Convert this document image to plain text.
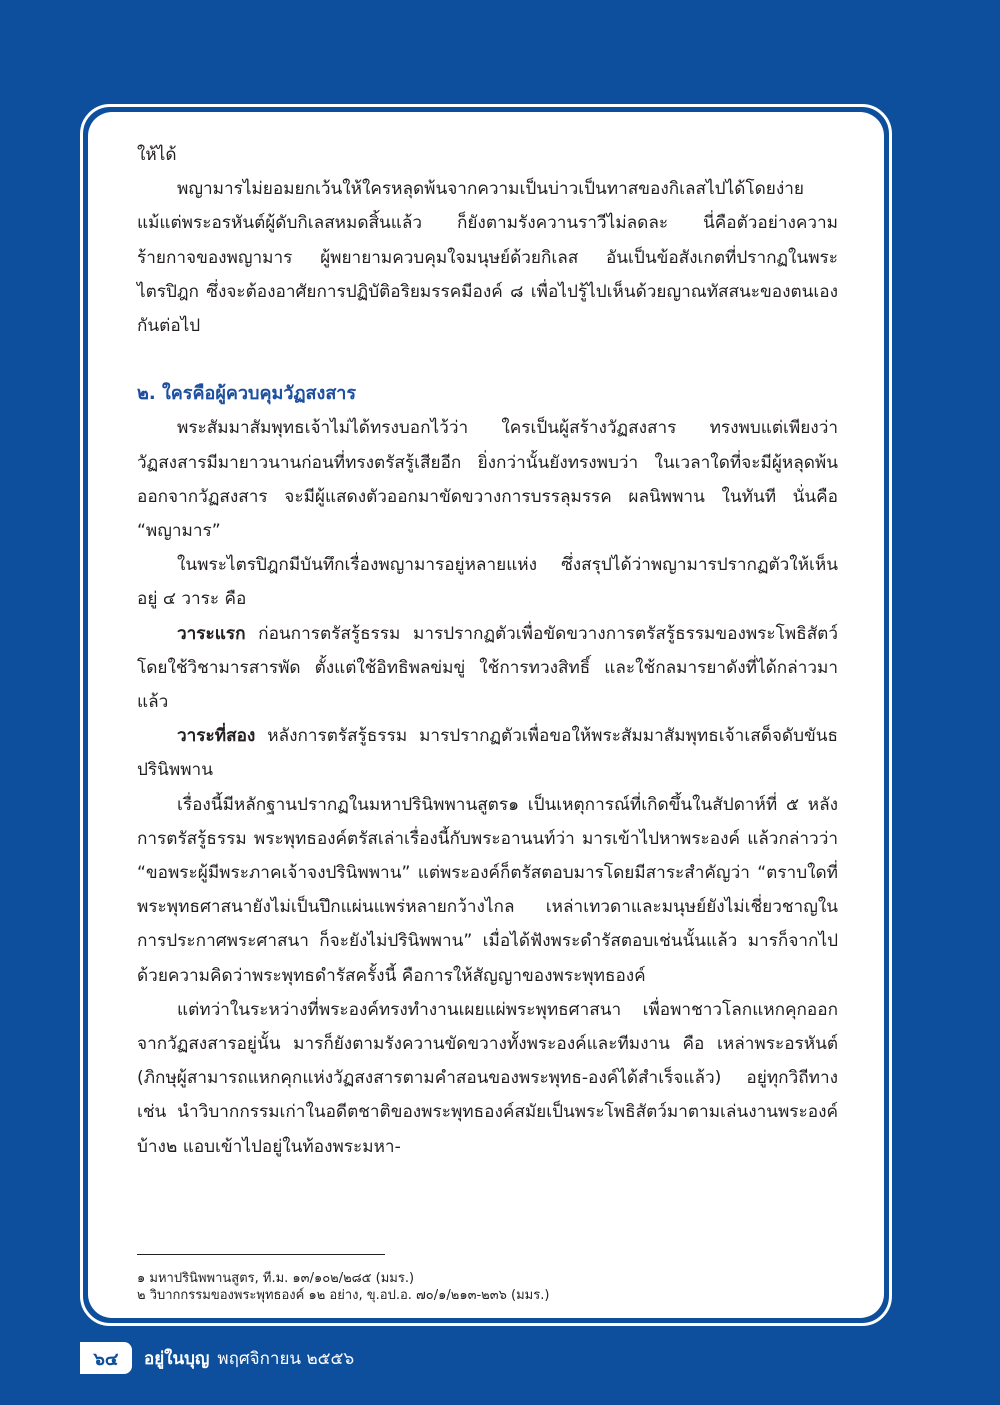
ให้ได้

พญามารไม่ยอมยกเว้นให้ใครหลุดพ้นจากความเป็นบ่าวเป็นทาสของกิเลสไปได้โดยง่าย แม้แต่พระอรหันต์ผู้ดับกิเลสหมดสิ้นแล้ว ก็ยังตามรังควานราวีไม่ลดละ นี่คือตัวอย่างความร้ายกาจของพญามาร ผู้พยายามควบคุมใจมนุษย์ด้วยกิเลส อันเป็นข้อสังเกตที่ปรากฏในพระไตรปิฎก ซึ่งจะต้องอาศัยการปฏิบัติอริยมรรคมีองค์ ๘ เพื่อไปรู้ไปเห็นด้วยญาณทัสสนะของตนเองกันต่อไป

๒. ใครคือผู้ควบคุมวัฏสงสาร

พระสัมมาสัมพุทธเจ้าไม่ได้ทรงบอกไว้ว่า ใครเป็นผู้สร้างวัฏสงสาร ทรงพบแต่เพียงว่า วัฏสงสารมีมายาวนานก่อนที่ทรงตรัสรู้เสียอีก ยิ่งกว่านั้นยังทรงพบว่า ในเวลาใดที่จะมีผู้หลุดพ้นออกจากวัฏสงสาร จะมีผู้แสดงตัวออกมาขัดขวางการบรรลุมรรค ผลนิพพาน ในทันที นั่นคือ “พญามาร”

ในพระไตรปิฎกมีบันทึกเรื่องพญามารอยู่หลายแห่ง ซึ่งสรุปได้ว่าพญามารปรากฏตัวให้เห็นอยู่ ๔ วาระ คือ

วาระแรก ก่อนการตรัสรู้ธรรม มารปรากฏตัวเพื่อขัดขวางการตรัสรู้ธรรมของพระโพธิสัตว์ โดยใช้วิชามารสารพัด ตั้งแต่ใช้อิทธิพลข่มขู่ ใช้การทวงสิทธิ์ และใช้กลมารยาดังที่ได้กล่าวมาแล้ว

วาระที่สอง หลังการตรัสรู้ธรรม มารปรากฏตัวเพื่อขอให้พระสัมมาสัมพุทธเจ้าเสด็จดับขันธปรินิพพาน

เรื่องนี้มีหลักฐานปรากฏในมหาปรินิพพานสูตร๑ เป็นเหตุการณ์ที่เกิดขึ้นในสัปดาห์ที่ ๕ หลังการตรัสรู้ธรรม พระพุทธองค์ตรัสเล่าเรื่องนี้กับพระอานนท์ว่า มารเข้าไปหาพระองค์ แล้วกล่าวว่า “ขอพระผู้มีพระภาคเจ้าจงปรินิพพาน” แต่พระองค์ก็ตรัสตอบมารโดยมีสาระสำคัญว่า “ตราบใดที่พระพุทธศาสนายังไม่เป็นปึกแผ่นแพร่หลายกว้างไกล เหล่าเทวดาและมนุษย์ยังไม่เชี่ยวชาญในการประกาศพระศาสนา ก็จะยังไม่ปรินิพพาน” เมื่อได้ฟังพระดำรัสตอบเช่นนั้นแล้ว มารก็จากไปด้วยความคิดว่าพระพุทธดำรัสครั้งนี้ คือการให้สัญญาของพระพุทธองค์

แต่ทว่าในระหว่างที่พระองค์ทรงทำงานเผยแผ่พระพุทธศาสนา เพื่อพาชาวโลกแหกคุกออกจากวัฏสงสารอยู่นั้น มารก็ยังตามรังควานขัดขวางทั้งพระองค์และทีมงาน คือ เหล่าพระอรหันต์ (ภิกษุผู้สามารถแหกคุกแห่งวัฏสงสารตามคำสอนของพระพุทธ-องค์ได้สำเร็จแล้ว) อยู่ทุกวิถีทาง เช่น นำวิบากกรรมเก่าในอดีตชาติของพระพุทธองค์สมัยเป็นพระโพธิสัตว์มาตามเล่นงานพระองค์บ้าง๒ แอบเข้าไปอยู่ในท้องพระมหา-

๑ มหาปรินิพพานสูตร, ที.ม. ๑๓/๑๐๒/๒๘๕ (มมร.)

๒ วิบากกรรมของพระพุทธองค์ ๑๒ อย่าง, ขุ.อป.อ. ๗๐/๑/๒๑๓-๒๓๖ (มมร.)

๖๔	อยู่ในบุญ พฤศจิกายน ๒๕๕๖
